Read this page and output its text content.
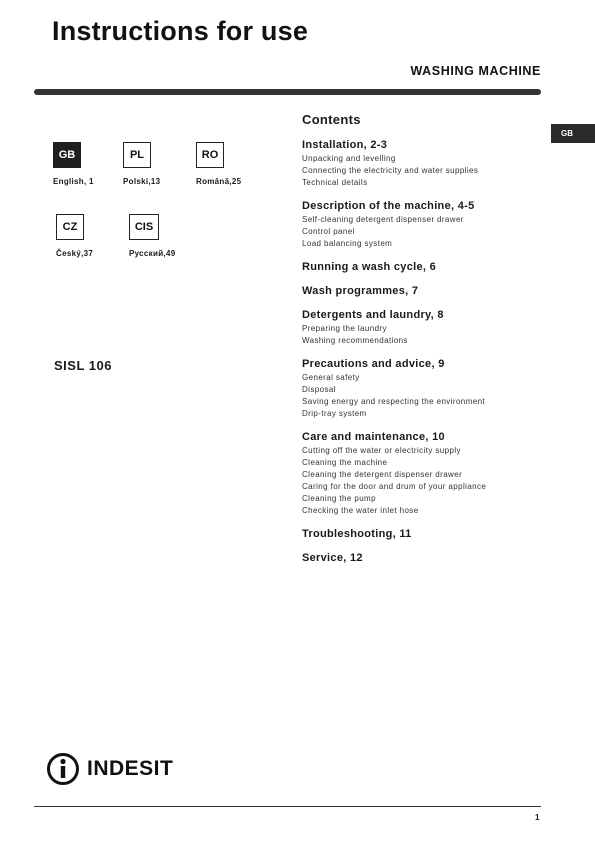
Instructions for use
WASHING MACHINE
GB
GB
English, 1
PL
Polski,13
RO
Română,25
CZ
Český,37
CIS
Русский,49
SISL 106
Contents
Installation, 2-3
Unpacking and levelling
Connecting the electricity and water supplies
Technical details
Description of the machine, 4-5
Self-cleaning detergent dispenser drawer
Control panel
Load balancing system
Running a wash cycle, 6
Wash programmes, 7
Detergents and laundry, 8
Preparing the laundry
Washing recommendations
Precautions and advice, 9
General safety
Disposal
Saving energy and respecting the environment
Drip-tray system
Care and maintenance, 10
Cutting off the water or electricity supply
Cleaning the machine
Cleaning the detergent dispenser drawer
Caring for the door and drum of your appliance
Cleaning the pump
Checking the water inlet hose
Troubleshooting, 11
Service, 12
INDESIT
1
